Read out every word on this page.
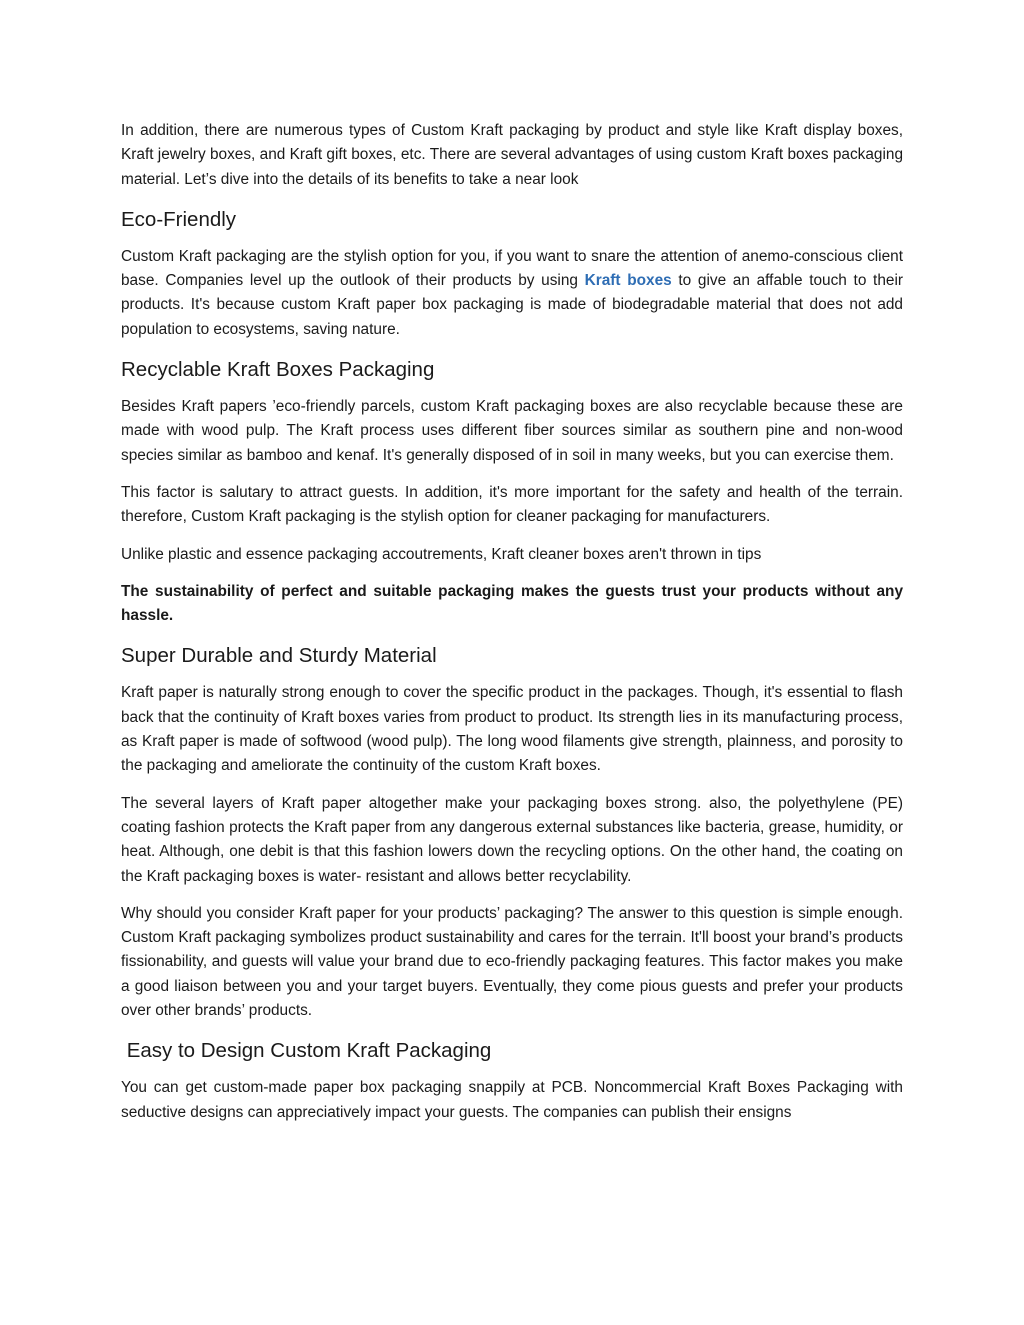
In addition, there are numerous types of Custom Kraft packaging by product and style like Kraft display boxes, Kraft jewelry boxes, and Kraft gift boxes, etc. There are several advantages of using custom Kraft boxes packaging material. Let’s dive into the details of its benefits to take a near look

Eco-Friendly

Custom Kraft packaging are the stylish option for you, if you want to snare the attention of anemo-conscious client base. Companies level up the outlook of their products by using Kraft boxes to give an affable touch to their products. It's because custom Kraft paper box packaging is made of biodegradable material that does not add population to ecosystems, saving nature.

Recyclable Kraft Boxes Packaging

Besides Kraft papers ’eco-friendly parcels, custom Kraft packaging boxes are also recyclable because these are made with wood pulp. The Kraft process uses different fiber sources similar as southern pine and non-wood species similar as bamboo and kenaf. It's generally disposed of in soil in many weeks, but you can exercise them.

This factor is salutary to attract guests. In addition, it's more important for the safety and health of the terrain. therefore, Custom Kraft packaging is the stylish option for cleaner packaging for manufacturers.

Unlike plastic and essence packaging accoutrements, Kraft cleaner boxes aren't thrown in tips

The sustainability of perfect and suitable packaging makes the guests trust your products without any hassle.

Super Durable and Sturdy Material

Kraft paper is naturally strong enough to cover the specific product in the packages. Though, it's essential to flash back that the continuity of Kraft boxes varies from product to product. Its strength lies in its manufacturing process, as Kraft paper is made of softwood (wood pulp). The long wood filaments give strength, plainness, and porosity to the packaging and ameliorate the continuity of the custom Kraft boxes.

The several layers of Kraft paper altogether make your packaging boxes strong. also, the polyethylene (PE) coating fashion protects the Kraft paper from any dangerous external substances like bacteria, grease, humidity, or heat. Although, one debit is that this fashion lowers down the recycling options. On the other hand, the coating on the Kraft packaging boxes is water- resistant and allows better recyclability.

Why should you consider Kraft paper for your products’ packaging? The answer to this question is simple enough. Custom Kraft packaging symbolizes product sustainability and cares for the terrain. It'll boost your brand’s products fissionability, and guests will value your brand due to eco-friendly packaging features. This factor makes you make a good liaison between you and your target buyers. Eventually, they come pious guests and prefer your products over other brands’ products.

Easy to Design Custom Kraft Packaging

You can get custom-made paper box packaging snappily at PCB. Noncommercial Kraft Boxes Packaging with seductive designs can appreciatively impact your guests. The companies can publish their ensigns
